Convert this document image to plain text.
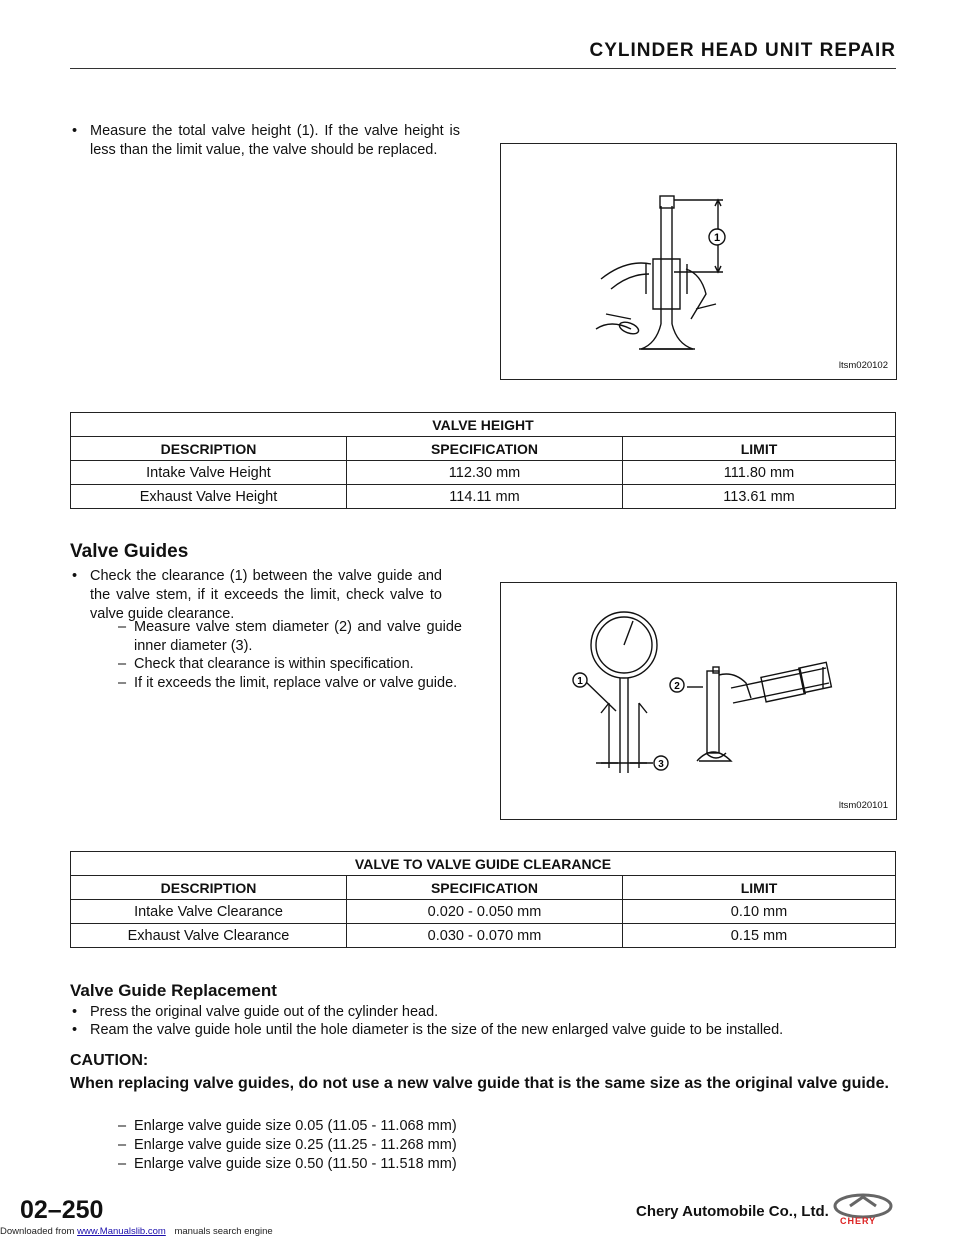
CYLINDER HEAD UNIT REPAIR
• Measure the total valve height (1). If the valve height is less than the limit value, the valve should be replaced.
1
ltsm020102
VALVE HEIGHT		
DESCRIPTION	SPECIFICATION	LIMIT
Intake Valve Height	112.30 mm	111.80 mm
Exhaust Valve Height	114.11 mm	113.61 mm
Valve Guides
• Check the clearance (1) between the valve guide and the valve stem, if it exceeds the limit, check valve to valve guide clearance.
– Measure valve stem diameter (2) and valve guide inner diameter (3).
– Check that clearance is within specification.
– If it exceeds the limit, replace valve or valve guide.	1	2
3
ltsm020101
VALVE TO VALVE GUIDE CLEARANCE		
DESCRIPTION	SPECIFICATION	LIMIT
Intake Valve Clearance	0.020 - 0.050 mm	0.10 mm
Exhaust Valve Clearance	0.030 - 0.070 mm	0.15 mm
Valve Guide Replacement
• Press the original valve guide out of the cylinder head.
• Ream the valve guide hole until the hole diameter is the size of the new enlarged valve guide to be installed.
CAUTION:
When replacing valve guides, do not use a new valve guide that is the same size as the original valve guide.
– Enlarge valve guide size 0.05 (11.05 - 11.068 mm)
– Enlarge valve guide size 0.25 (11.25 - 11.268 mm)
– Enlarge valve guide size 0.50 (11.50 - 11.518 mm)
02–250	Chery Automobile Co., Ltd.
CHERY
Downloaded from www.Manualslib.com manuals search engine
